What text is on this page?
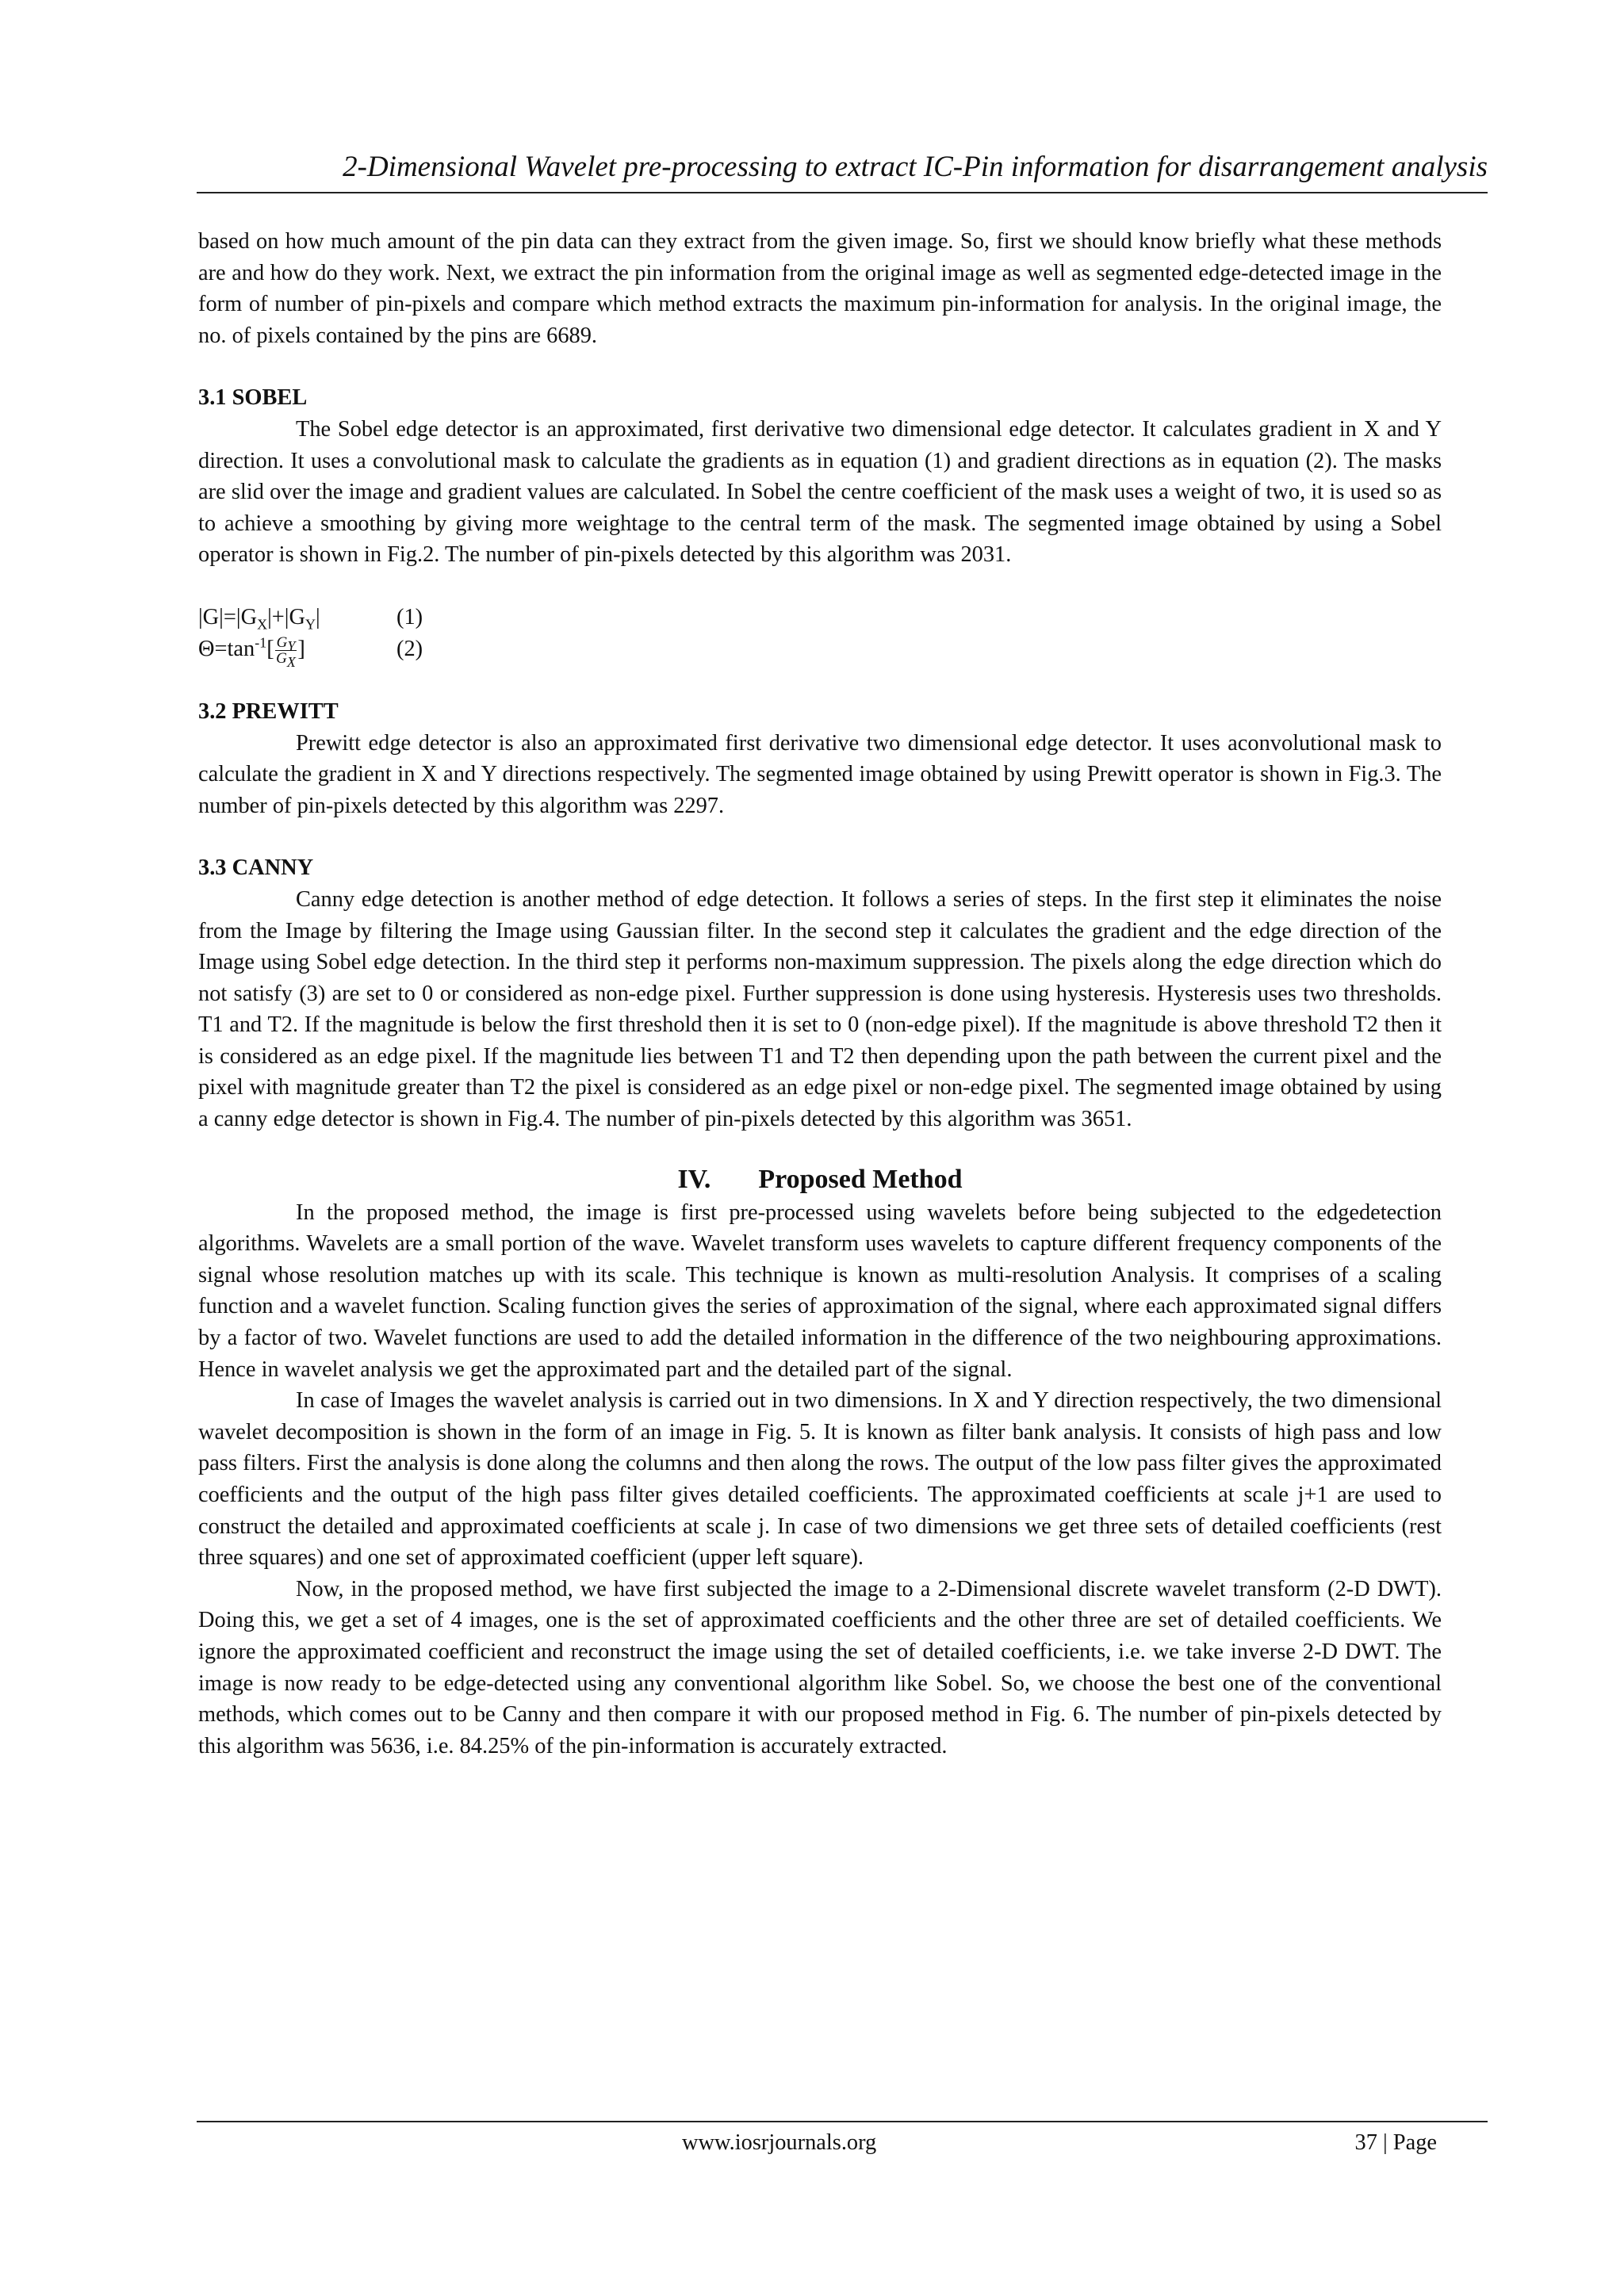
2-Dimensional Wavelet pre-processing to extract IC-Pin information for disarrangement analysis

based on how much amount of the pin data can they extract from the given image. So, first we should know briefly what these methods are and how do they work. Next, we extract the pin information from the original image as well as segmented edge-detected image in the form of number of pin-pixels and compare which method extracts the maximum pin-information for analysis. In the original image, the no. of pixels contained by the pins are 6689.

3.1 SOBEL

The Sobel edge detector is an approximated, first derivative two dimensional edge detector. It calculates gradient in X and Y direction. It uses a convolutional mask to calculate the gradients as in equation (1) and gradient directions as in equation (2). The masks are slid over the image and gradient values are calculated. In Sobel the centre coefficient of the mask uses a weight of two, it is used so as to achieve a smoothing by giving more weightage to the central term of the mask. The segmented image obtained by using a Sobel operator is shown in Fig.2. The number of pin-pixels detected by this algorithm was 2031.

$|G|=|G_X|+|G_Y|$	(1)
$\Theta=\tan^{-1}[ \frac{G_Y}{G_X}$ ]	(2)

3.2 PREWITT

Prewitt edge detector is also an approximated first derivative two dimensional edge detector. It uses aconvolutional mask to calculate the gradient in X and Y directions respectively. The segmented image obtained by using Prewitt operator is shown in Fig.3. The number of pin-pixels detected by this algorithm was 2297.

3.3 CANNY

Canny edge detection is another method of edge detection. It follows a series of steps. In the first step it eliminates the noise from the Image by filtering the Image using Gaussian filter. In the second step it calculates the gradient and the edge direction of the Image using Sobel edge detection. In the third step it performs non-maximum suppression. The pixels along the edge direction which do not satisfy (3) are set to 0 or considered as non-edge pixel. Further suppression is done using hysteresis. Hysteresis uses two thresholds. T1 and T2. If the magnitude is below the first threshold then it is set to 0 (non-edge pixel). If the magnitude is above threshold T2 then it is considered as an edge pixel. If the magnitude lies between T1 and T2 then depending upon the path between the current pixel and the pixel with magnitude greater than T2 the pixel is considered as an edge pixel or non-edge pixel. The segmented image obtained by using a canny edge detector is shown in Fig.4. The number of pin-pixels detected by this algorithm was 3651.

IV. Proposed Method

In the proposed method, the image is first pre-processed using wavelets before being subjected to the edgedetection algorithms. Wavelets are a small portion of the wave. Wavelet transform uses wavelets to capture different frequency components of the signal whose resolution matches up with its scale. This technique is known as multi-resolution Analysis. It comprises of a scaling function and a wavelet function. Scaling function gives the series of approximation of the signal, where each approximated signal differs by a factor of two. Wavelet functions are used to add the detailed information in the difference of the two neighbouring approximations. Hence in wavelet analysis we get the approximated part and the detailed part of the signal.

In case of Images the wavelet analysis is carried out in two dimensions. In X and Y direction respectively, the two dimensional wavelet decomposition is shown in the form of an image in Fig. 5. It is known as filter bank analysis. It consists of high pass and low pass filters. First the analysis is done along the columns and then along the rows. The output of the low pass filter gives the approximated coefficients and the output of the high pass filter gives detailed coefficients. The approximated coefficients at scale j+1 are used to construct the detailed and approximated coefficients at scale j. In case of two dimensions we get three sets of detailed coefficients (rest three squares) and one set of approximated coefficient (upper left square).

Now, in the proposed method, we have first subjected the image to a 2-Dimensional discrete wavelet transform (2-D DWT). Doing this, we get a set of 4 images, one is the set of approximated coefficients and the other three are set of detailed coefficients. We ignore the approximated coefficient and reconstruct the image using the set of detailed coefficients, i.e. we take inverse 2-D DWT. The image is now ready to be edge-detected using any conventional algorithm like Sobel. So, we choose the best one of the conventional methods, which comes out to be Canny and then compare it with our proposed method in Fig. 6. The number of pin-pixels detected by this algorithm was 5636, i.e. 84.25% of the pin-information is accurately extracted.

www.iosrjournals.org	37 | Page
